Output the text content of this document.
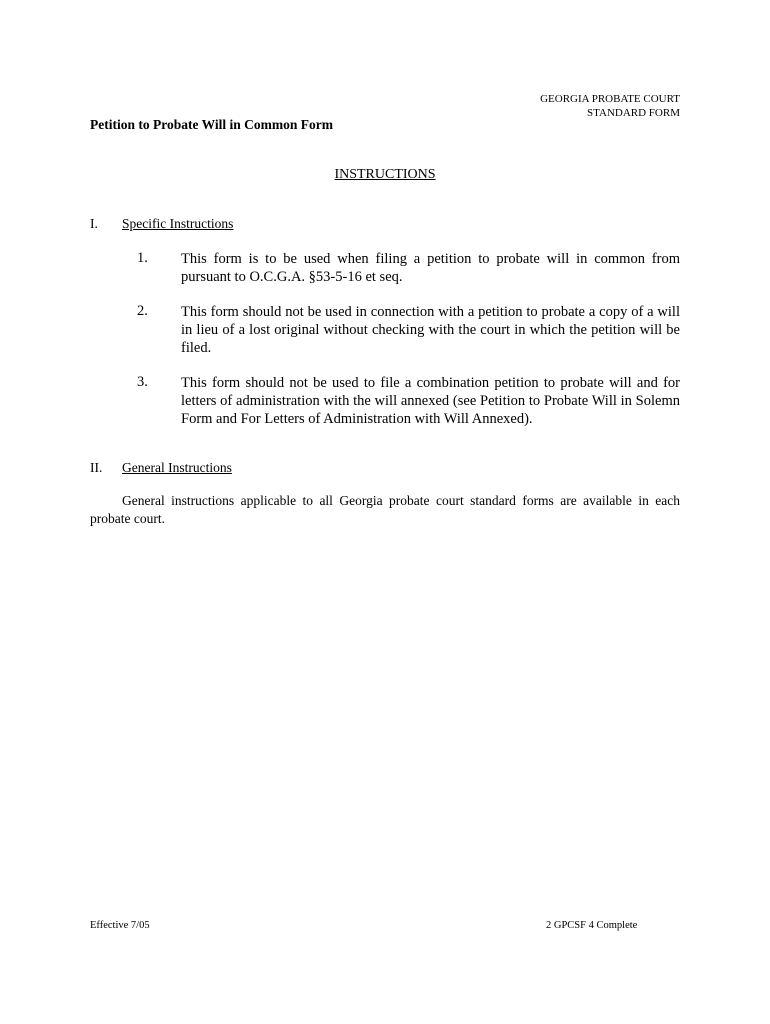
GEORGIA PROBATE COURT
STANDARD FORM
Petition to Probate Will in Common Form
INSTRUCTIONS
I. Specific Instructions
1. This form is to be used when filing a petition to probate will in common from pursuant to O.C.G.A. §53-5-16 et seq.
2. This form should not be used in connection with a petition to probate a copy of a will in lieu of a lost original without checking with the court in which the petition will be filed.
3. This form should not be used to file a combination petition to probate will and for letters of administration with the will annexed (see Petition to Probate Will in Solemn Form and For Letters of Administration with Will Annexed).
II. General Instructions
General instructions applicable to all Georgia probate court standard forms are available in each probate court.
Effective 7/05	2 GPCSF 4 Complete
